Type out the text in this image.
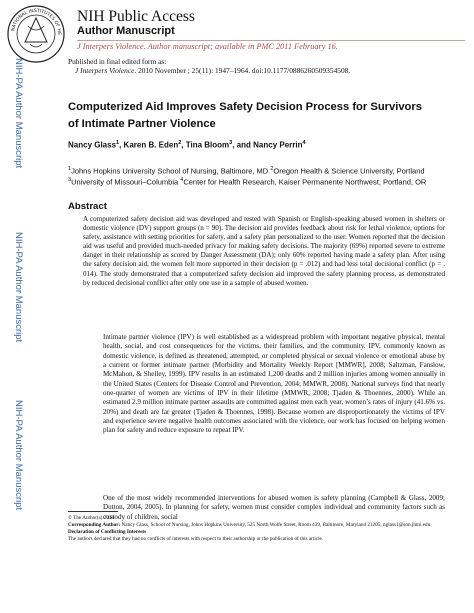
NATIONAL INSTITUTES OF HE
NIH Public Access
Author Manuscript
J Interpers Violence. Author manuscript; available in PMC 2011 February 16.
NIH-PA Author Manuscript
NIH-PA Author Manuscript
NIH-PA Author Manuscript
Published in final edited form as:
J Interpers Violence. 2010 November ; 25(11): 1947–1964. doi:10.1177/0886260509354508.
Computerized Aid Improves Safety Decision Process for Survivors of Intimate Partner Violence
Nancy Glass$^1$, Karen B. Eden$^2$, Tina Bloom$^3$, and Nancy Perrin$^4$
$^1$Johns Hopkins University School of Nursing, Baltimore, MD $^2$Oregon Health & Science University, Portland $^3$University of Missouri–Columbia $^4$Center for Health Research, Kaiser Permanente Northwest, Portland, OR
Abstract
A computerized safety decision aid was developed and tested with Spanish or English-speaking abused women in shelters or domestic violence (DV) support groups (n = 90). The decision aid provides feedback about risk for lethal violence, options for safety, assistance with setting priorities for safety, and a safety plan personalized to the user. Women reported that the decision aid was useful and provided much-needed privacy for making safety decisions. The majority (69%) reported severe to extreme danger in their relationship as scored by Danger Assessment (DA); only 60% reported having made a safety plan. After using the safety decision aid, the women felt more supported in their decision (p = .012) and had less total decisional conflict (p = . 014). The study demonstrated that a computerized safety decision aid improved the safety planning process, as demonstrated by reduced decisional conflict after only one use in a sample of abused women.
Intimate partner violence (IPV) is well established as a widespread problem with important negative physical, mental health, social, and cost consequences for the victims, their families, and the community. IPV, commonly known as domestic violence, is defined as threatened, attempted, or completed physical or sexual violence or emotional abuse by a current or former intimate partner (Morbidity and Mortality Weekly Report [MMWR], 2008; Saltzman, Fanslow, McMahon, & Shelley, 1999). IPV results in an estimated 1,200 deaths and 2 million injuries among women annually in the United States (Centers for Disease Control and Prevention, 2004; MMWR, 2008). National surveys find that nearly one-quarter of women are victims of IPV in their lifetime (MMWR, 2008; Tjaden & Thoennes, 2000). While an estimated 2.9 million intimate partner assaults are committed against men each year, women’s rates of injury (41.6% vs. 20%) and death are far greater (Tjaden & Thoennes, 1998). Because women are disproportionately the victims of IPV and experience severe negative health outcomes associated with the violence, our work has focused on helping women plan for safety and reduce exposure to repeat IPV.
One of the most widely recommended interventions for abused women is safety planning (Campbell & Glass, 2009; Dutton, 2004, 2005). In planning for safety, women must consider complex individual and community factors such as custody of children, social
© The Author(s) 2010
Corresponding Author: Nancy Glass, School of Nursing, Johns Hopkins University, 525 North Wolfe Street, Room 439, Baltimore, Maryland 21205; nglass1@son.jhmi.edu.
Declaration of Conflicting Interests
The authors declared that they had no conflicts of interests with respect to their authorship or the publication of this article.
